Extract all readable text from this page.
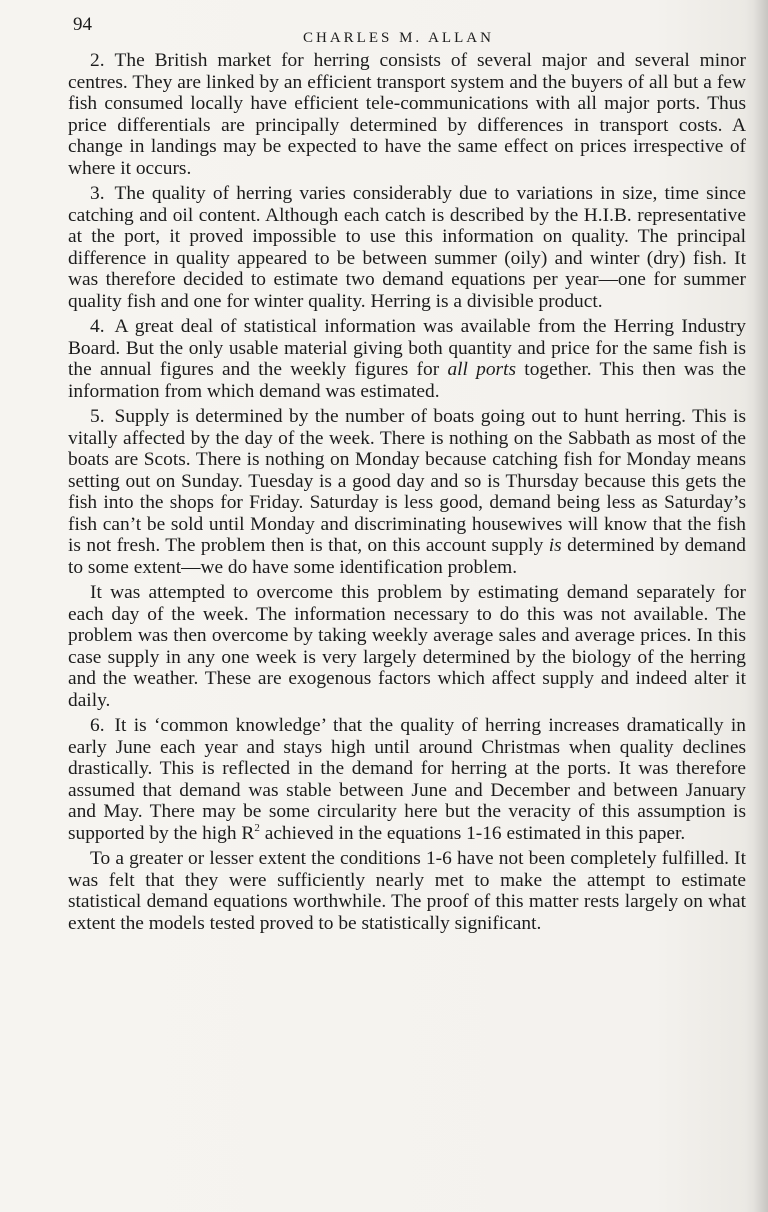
94
CHARLES M. ALLAN

2. The British market for herring consists of several major and several minor centres. They are linked by an efficient transport system and the buyers of all but a few fish consumed locally have efficient tele-communications with all major ports. Thus price differentials are principally determined by differences in transport costs. A change in landings may be expected to have the same effect on prices irrespective of where it occurs.

3. The quality of herring varies considerably due to variations in size, time since catching and oil content. Although each catch is described by the H.I.B. representative at the port, it proved impossible to use this information on quality. The principal difference in quality appeared to be between summer (oily) and winter (dry) fish. It was therefore decided to estimate two demand equations per year—one for summer quality fish and one for winter quality. Herring is a divisible product.

4. A great deal of statistical information was available from the Herring Industry Board. But the only usable material giving both quantity and price for the same fish is the annual figures and the weekly figures for all ports together. This then was the information from which demand was estimated.

5. Supply is determined by the number of boats going out to hunt herring. This is vitally affected by the day of the week. There is nothing on the Sabbath as most of the boats are Scots. There is nothing on Monday because catching fish for Monday means setting out on Sunday. Tuesday is a good day and so is Thursday because this gets the fish into the shops for Friday. Saturday is less good, demand being less as Saturday’s fish can’t be sold until Monday and discriminating housewives will know that the fish is not fresh. The problem then is that, on this account supply is determined by demand to some extent—we do have some identification problem.

It was attempted to overcome this problem by estimating demand separately for each day of the week. The information necessary to do this was not available. The problem was then overcome by taking weekly average sales and average prices. In this case supply in any one week is very largely determined by the biology of the herring and the weather. These are exogenous factors which affect supply and indeed alter it daily.

6. It is ‘common knowledge’ that the quality of herring increases dramatically in early June each year and stays high until around Christmas when quality declines drastically. This is reflected in the demand for herring at the ports. It was therefore assumed that demand was stable between June and December and between January and May. There may be some circularity here but the veracity of this assumption is supported by the high $R^2$ achieved in the equations 1-16 estimated in this paper.

To a greater or lesser extent the conditions 1-6 have not been completely fulfilled. It was felt that they were sufficiently nearly met to make the attempt to estimate statistical demand equations worthwhile. The proof of this matter rests largely on what extent the models tested proved to be statistically significant.
